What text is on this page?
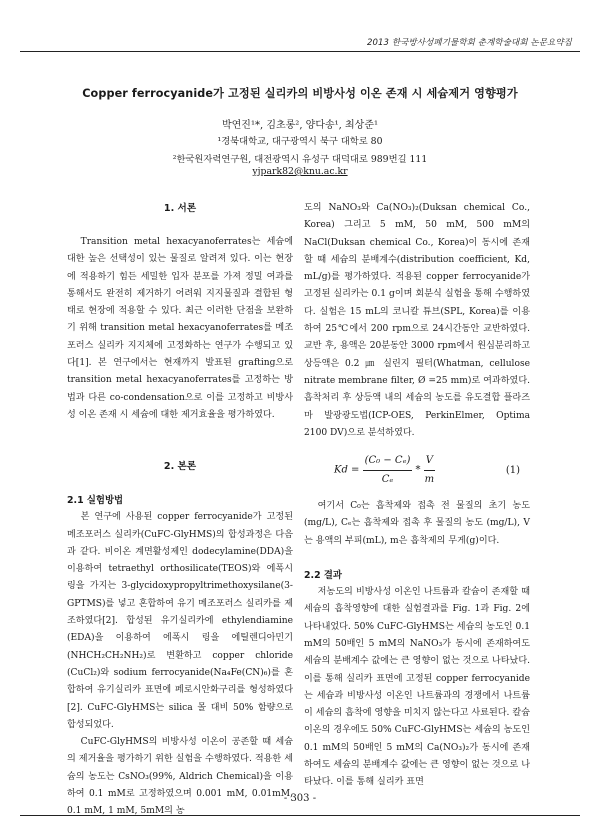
2013 한국방사성폐기물학회 춘계학술대회 논문요약집
Copper ferrocyanide가 고정된 실리카의 비방사성 이온 존재 시 세슘제거 영향평가
박연진¹*, 김초롱², 양다송¹, 최상준¹
¹경북대학교, 대구광역시 북구 대학로 80
²한국원자력연구원, 대전광역시 유성구 대덕대로 989번길 111
yjpark82@knu.ac.kr

1. 서론

Transition metal hexacyanoferrates는 세슘에 대한 높은 선택성이 있는 물질로 알려져 있다. 이는 현장에 적용하기 힘든 세밀한 입자 분포를 가져 정밀 여과를 통해서도 완전히 제거하기 어려워 지지물질과 결합된 형태로 현장에 적용할 수 있다. 최근 이러한 단점을 보완하기 위해 transition metal hexacyanoferrates를 메조포러스 실리카 지지체에 고정화하는 연구가 수행되고 있다[1]. 본 연구에서는 현재까지 발표된 grafting으로 transition metal hexacyanoferrates를 고정하는 방법과 다른 co-condensation으로 이를 고정하고 비방사성 이온 존재 시 세슘에 대한 제거효율을 평가하였다.

2. 본론

2.1 실험방법

본 연구에 사용된 copper ferrocyanide가 고정된 메조포러스 실리카(CuFC-GlyHMS)의 합성과정은 다음과 같다. 비이온 계면활성제인 dodecylamine(DDA)을 이용하여 tetraethyl orthosilicate(TEOS)와 에폭시 링을 가지는 3-glycidoxypropyltrimethoxysilane(3-GPTMS)를 넣고 혼합하여 유기 메조포러스 실리카를 제조하였다[2]. 합성된 유기실리카에 ethylendiamine (EDA)을 이용하여 에폭시 링을 에틸렌디아민기 (NHCH₂CH₂NH₂)로 변환하고 copper chloride (CuCl₂)와 sodium ferrocyanide(Na₄Fe(CN)₆)를 혼합하여 유기실리카 표면에 페로시안화구리를 형성하였다[2]. CuFC-GlyHMS는 silica 몰 대비 50% 함량으로 합성되었다.

CuFC-GlyHMS의 비방사성 이온이 공존할 때 세슘의 제거율을 평가하기 위한 실험을 수행하였다. 적용한 세슘의 농도는 CsNO₃(99%, Aldrich Chemical)을 이용하여 0.1 mM로 고정하였으며 0.001 mM, 0.01mM, 0.1 mM, 1 mM, 5mM의 농

도의 NaNO₃와 Ca(NO₃)₂(Duksan chemical Co., Korea) 그리고 5 mM, 50 mM, 500 mM의 NaCl(Duksan chemical Co., Korea)이 동시에 존재할 때 세슘의 분배계수(distribution coefficient, Kd, mL/g)를 평가하였다. 적용된 copper ferrocyanide가 고정된 실리카는 0.1 g이며 회분식 실험을 통해 수행하였다. 실험은 15 mL의 코니칼 튜브(SPL, Korea)를 이용하여 25℃에서 200 rpm으로 24시간동안 교반하였다. 교반 후, 용액은 20분동안 3000 rpm에서 원심분리하고 상등액은 0.2 ㎛ 실린지 필터(Whatman, cellulose nitrate membrane filter, Ø =25 mm)로 여과하였다. 흡착처리 후 상등액 내의 세슘의 농도를 유도결합 플라즈마 발광광도법(ICP-OES, PerkinElmer, Optima 2100 DV)으로 분석하였다.

$Kd = \frac{\text{(C₀ − Cₑ)}}{\text{Cₑ}} * \frac{V}{m}$	(1)

여기서 C₀는 흡착제와 접촉 전 물질의 초기 농도(mg/L), Cₑ는 흡착제와 접촉 후 물질의 농도 (mg/L), V는 용액의 부피(mL), m은 흡착제의 무게(g)이다.

2.2 결과

저농도의 비방사성 이온인 나트륨과 칼슘이 존재할 때 세슘의 흡착영향에 대한 실험결과를 Fig. 1과 Fig. 2에 나타내었다. 50% CuFC-GlyHMS는 세슘의 농도인 0.1 mM의 50배인 5 mM의 NaNO₃가 동시에 존재하여도 세슘의 분배계수 값에는 큰 영향이 없는 것으로 나타났다. 이를 통해 실리카 표면에 고정된 copper ferrocyanide는 세슘과 비방사성 이온인 나트륨과의 경쟁에서 나트륨이 세슘의 흡착에 영향을 미치지 않는다고 사료된다. 칼슘이온의 경우에도 50% CuFC-GlyHMS는 세슘의 농도인 0.1 mM의 50배인 5 mM의 Ca(NO₃)₂가 동시에 존재하여도 세슘의 분배계수 값에는 큰 영향이 없는 것으로 나타났다. 이를 통해 실리카 표면

- 303 -
